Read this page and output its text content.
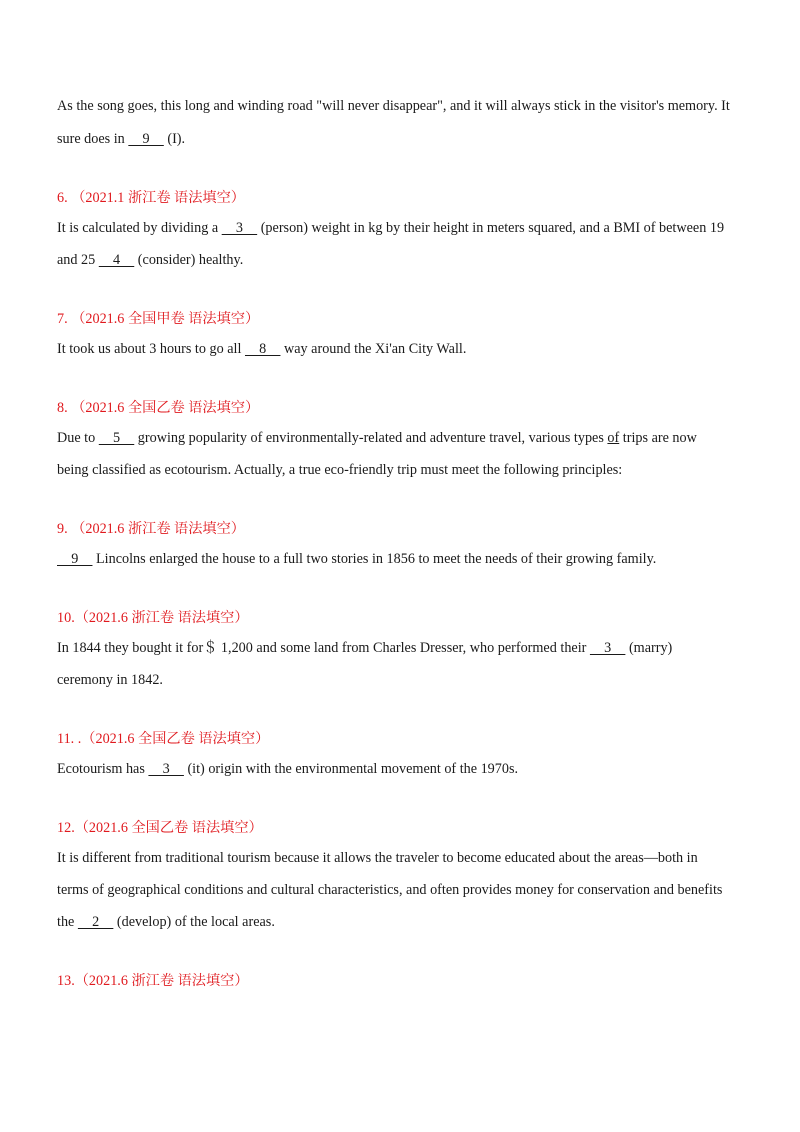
As the song goes, this long and winding road "will never disappear", and it will always stick in the visitor's memory. It
sure does in     9     (I).
6. （2021.1 浙江卷 语法填空）
It is calculated by dividing a     3     (person) weight in kg by their height in meters squared, and a BMI of between 19
and 25     4     (consider) healthy.
7. （2021.6 全国甲卷 语法填空）
It took us about 3 hours to go all     8     way around the Xi'an City Wall.
8. （2021.6 全国乙卷 语法填空）
Due to     5     growing popularity of environmentally-related and adventure travel, various types of trips are now
being classified as ecotourism. Actually, a true eco-friendly trip must meet the following principles:
9. （2021.6 浙江卷 语法填空）
9     Lincolns enlarged the house to a full two stories in 1856 to meet the needs of their growing family.
10.（2021.6 浙江卷 语法填空）
In 1844 they bought it for＄ 1,200 and some land from Charles Dresser, who performed their     3     (marry)
ceremony in 1842.
11. .（2021.6 全国乙卷 语法填空）
Ecotourism has     3     (it) origin with the environmental movement of the 1970s.
12.（2021.6 全国乙卷 语法填空）
It is different from traditional tourism because it allows the traveler to become educated about the areas—both in
terms of geographical conditions and cultural characteristics, and often provides money for conservation and benefits
the     2     (develop) of the local areas.
13.（2021.6 浙江卷 语法填空）
